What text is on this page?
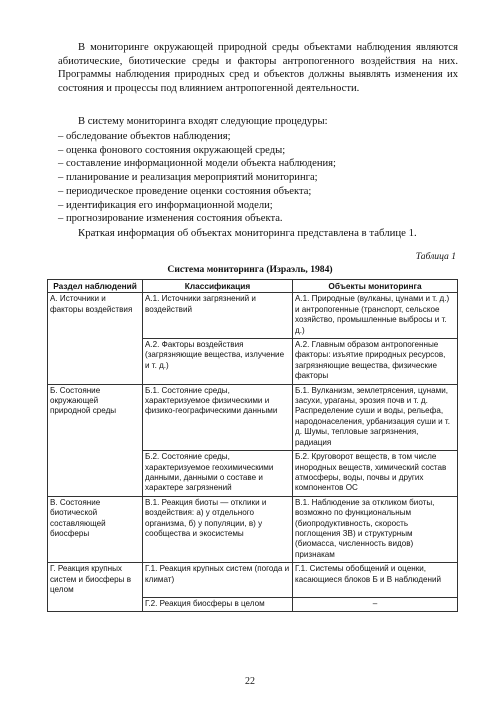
В мониторинге окружающей природной среды объектами наблюдения являются абиотические, биотические среды и факторы антропогенного воздействия на них. Программы наблюдения природных сред и объектов должны выявлять изменения их состояния и процессы под влиянием антропогенной деятельности.

В систему мониторинга входят следующие процедуры:

– обследование объектов наблюдения;
– оценка фонового состояния окружающей среды;
– составление информационной модели объекта наблюдения;
– планирование и реализация мероприятий мониторинга;
– периодическое проведение оценки состояния объекта;
– идентификация его информационной модели;
– прогнозирование изменения состояния объекта.

Краткая информация об объектах мониторинга представлена в таблице 1.

Таблица 1
Система мониторинга (Израэль, 1984)
Раздел наблюдений	Классификация	Объекты мониторинга
А. Источники и факторы воздействия	А.1. Источники загрязнений и воздействий	А.1. Природные (вулканы, цунами и т. д.) и антропогенные (транспорт, сельское хозяйство, промышленные выбросы и т. д.)
	А.2. Факторы воздействия (загрязняющие вещества, излучение и т. д.)	А.2. Главным образом антропогенные факторы: изъятие природных ресурсов, загрязняющие вещества, физические факторы
Б. Состояние окружающей природной среды	Б.1. Состояние среды, характеризуемое физическими и физико-географическими данными	Б.1. Вулканизм, землетрясения, цунами, засухи, ураганы, эрозия почв и т. д. Распределение суши и воды, рельефа, народонаселения, урбанизация суши и т. д. Шумы, тепловые загрязнения, радиация
	Б.2. Состояние среды, характеризуемое геохимическими данными, данными о составе и характере загрязнений	Б.2. Круговорот веществ, в том числе инородных веществ, химический состав атмосферы, воды, почвы и других компонентов ОС
В. Состояние биотической составляющей биосферы	В.1. Реакция биоты — отклики и воздействия: а) у отдельного организма, б) у популяции, в) у сообщества и экосистемы	В.1. Наблюдение за откликом биоты, возможно по функциональным (биопродуктивность, скорость поглощения ЗВ) и структурным (биомасса, численность видов) признакам
Г. Реакция крупных систем и биосферы в целом	Г.1. Реакция крупных систем (погода и климат)	Г.1. Системы обобщений и оценки, касающиеся блоков Б и В наблюдений
	Г.2. Реакция биосферы в целом	–
22
